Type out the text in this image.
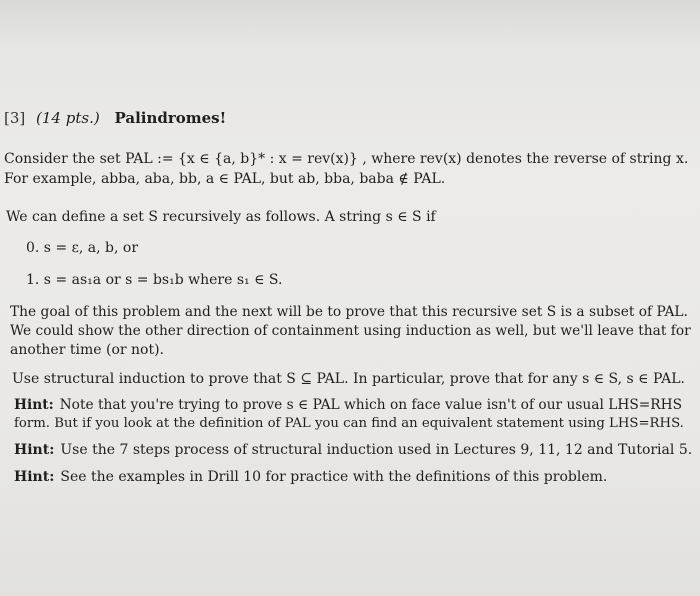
[3] (14 pts.) Palindromes!
Consider the set PAL := {x ∈ {a, b}* : x = rev(x)} , where rev(x) denotes the reverse of string x.
For example, abba, aba, bb, a ∈ PAL, but ab, bba, baba ∉ PAL.
We can define a set S recursively as follows. A string s ∈ S if
0. s = ε, a, b, or
1. s = as₁a or s = bs₁b where s₁ ∈ S.
The goal of this problem and the next will be to prove that this recursive set S is a subset of PAL.
We could show the other direction of containment using induction as well, but we'll leave that for
another time (or not).
Use structural induction to prove that S ⊆ PAL. In particular, prove that for any s ∈ S, s ∈ PAL.
Hint: Note that you're trying to prove s ∈ PAL which on face value isn't of our usual LHS=RHS
form. But if you look at the definition of PAL you can find an equivalent statement using LHS=RHS.
Hint: Use the 7 steps process of structural induction used in Lectures 9, 11, 12 and Tutorial 5.
Hint: See the examples in Drill 10 for practice with the definitions of this problem.
